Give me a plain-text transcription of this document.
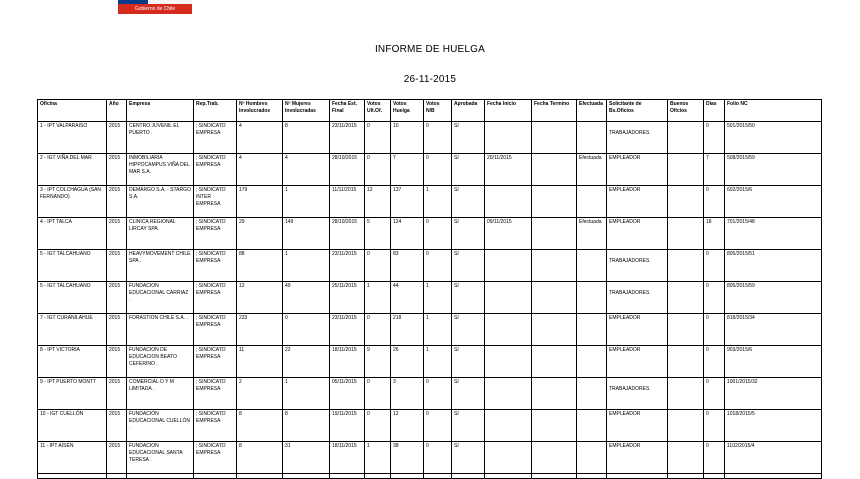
Gobierno de Chile
INFORME DE HUELGA
26-11-2015
Oficina	Año	Empresa	Rep.Trab.	Nº Hombres Involucrados	Nº Mujeres Involucradas	Fecha Est. Final	Votos Ult.Of.	Votos Huelga	Votos N/B	Aprobada	Fecha Inicio	Fecha Termino	Efectuada	Solicitante de Bs.Oficios	Buenos Oficios	Días	Folio NC
1 - IPT VALPARAISO	2015	CENTRO JUVENIL EL PUERTO .	; SINDICATO EMPRESA	4	8	23/11/2015	0	10	0	SI				TRABAJADORES		0	501/2015/50
2 - IGT VIÑA DEL MAR	2015	INMOBILIARIA HIPPOCAMPUS VIÑA DEL MAR S.A.	; SINDICATO EMPRESA	4	4	28/10/2015	0	7	0	SI	20/11/2015		Efectuada	EMPLEADOR		7	508/2015/59
3 - IPT COLCHAGUA (SAN FERNANDO)	2015	DEMARGO S.A. - STARGO S.A.	; SINDICATO INTER EMPRESA	179	1	11/11/2015	12	137	1	SI				EMPLEADOR		0	602/2015/6
4 - IPT TALCA	2015	CLINICA REGIONAL LIRCAY SPA.	; SINDICATO EMPRESA	29	149	28/10/2015	5	124	0	SI	09/11/2015		Efectuada	EMPLEADOR		18	701/2015/48
5 - IGT TALCAHUANO	2015	HEAVYMOVEMENT CHILE SPA .	; SINDICATO EMPRESA	88	1	23/11/2015	0	83	0	SI				TRABAJADORES		0	805/2015/51
5 - IGT TALCAHUANO	2015	FUNDACION EDUCACIONAL CARRIAZ .	; SINDICATO EMPRESA	12	49	25/11/2015	1	44	1	SI				TRABAJADORES		0	805/2015/59
7 - IGT CURANILAHUE	2015	FORASTION CHILE S.A. .	; SINDICATO EMPRESA	233	0	23/11/2015	0	218	1	SI				EMPLEADOR		0	818/2015/34
8 - IPT VICTORIA	2015	FUNDACION DE EDUCACION BEATO CEFERINO .	; SINDICATO EMPRESA	11	22	18/11/2015	9	26	1	SI				EMPLEADOR		0	903/2015/6
9 - IPT PUERTO MONTT	2015	COMERCIAL O Y M LIMITADA .	; SINDICATO EMPRESA	2	1	05/11/2015	0	3	0	SI				TRABAJADORES		0	1001/2015/32
10 - IGT CUELLÓN	2015	FUNDACIÓN EDUCACIONAL CUELLÓN .	; SINDICATO EMPRESA	8	8	19/11/2015	0	12	0	SI				EMPLEADOR		0	1018/2015/5
11 - IPT AISÉN	2015	FUNDACION EDUCACIONAL SANTA TERESA .	; SINDICATO EMPRESA	8	31	18/11/2015	1	38	0	SI				EMPLEADOR		0	1102/2015/4
